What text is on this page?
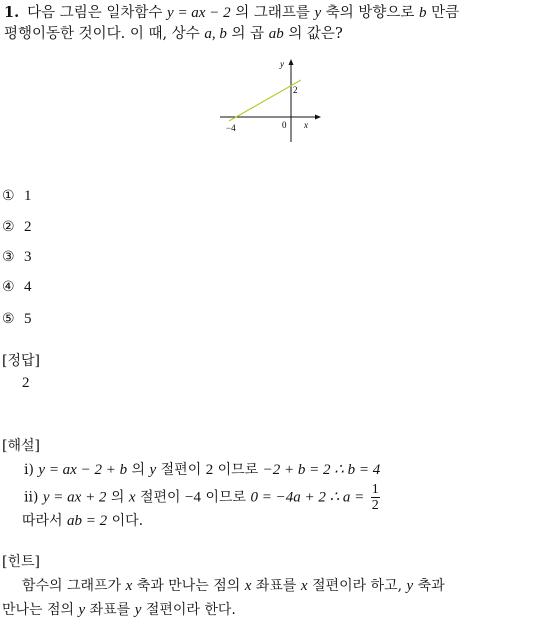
1. 다음 그림은 일차함수 y = ax − 2 의 그래프를 y 축의 방향으로 b 만큼
평행이동한 것이다. 이 때, 상수 a, b 의 곱 ab 의 값은?
y
x
0
−4
2
① 1
② 2
③ 3
④ 4
⑤ 5
[정답]
2
[해설]
ⅰ) y = ax − 2 + b 의 y 절편이 2 이므로 −2 + b = 2 ∴ b = 4
ⅱ) y = ax + 2 의 x 절편이 −4 이므로 0 = −4a + 2 ∴ $a = \frac{1}{2}$
따라서 ab = 2 이다.
[힌트]
함수의 그래프가 x 축과 만나는 점의 x 좌표를 x 절편이라 하고, y 축과
만나는 점의 y 좌표를 y 절편이라 한다.
